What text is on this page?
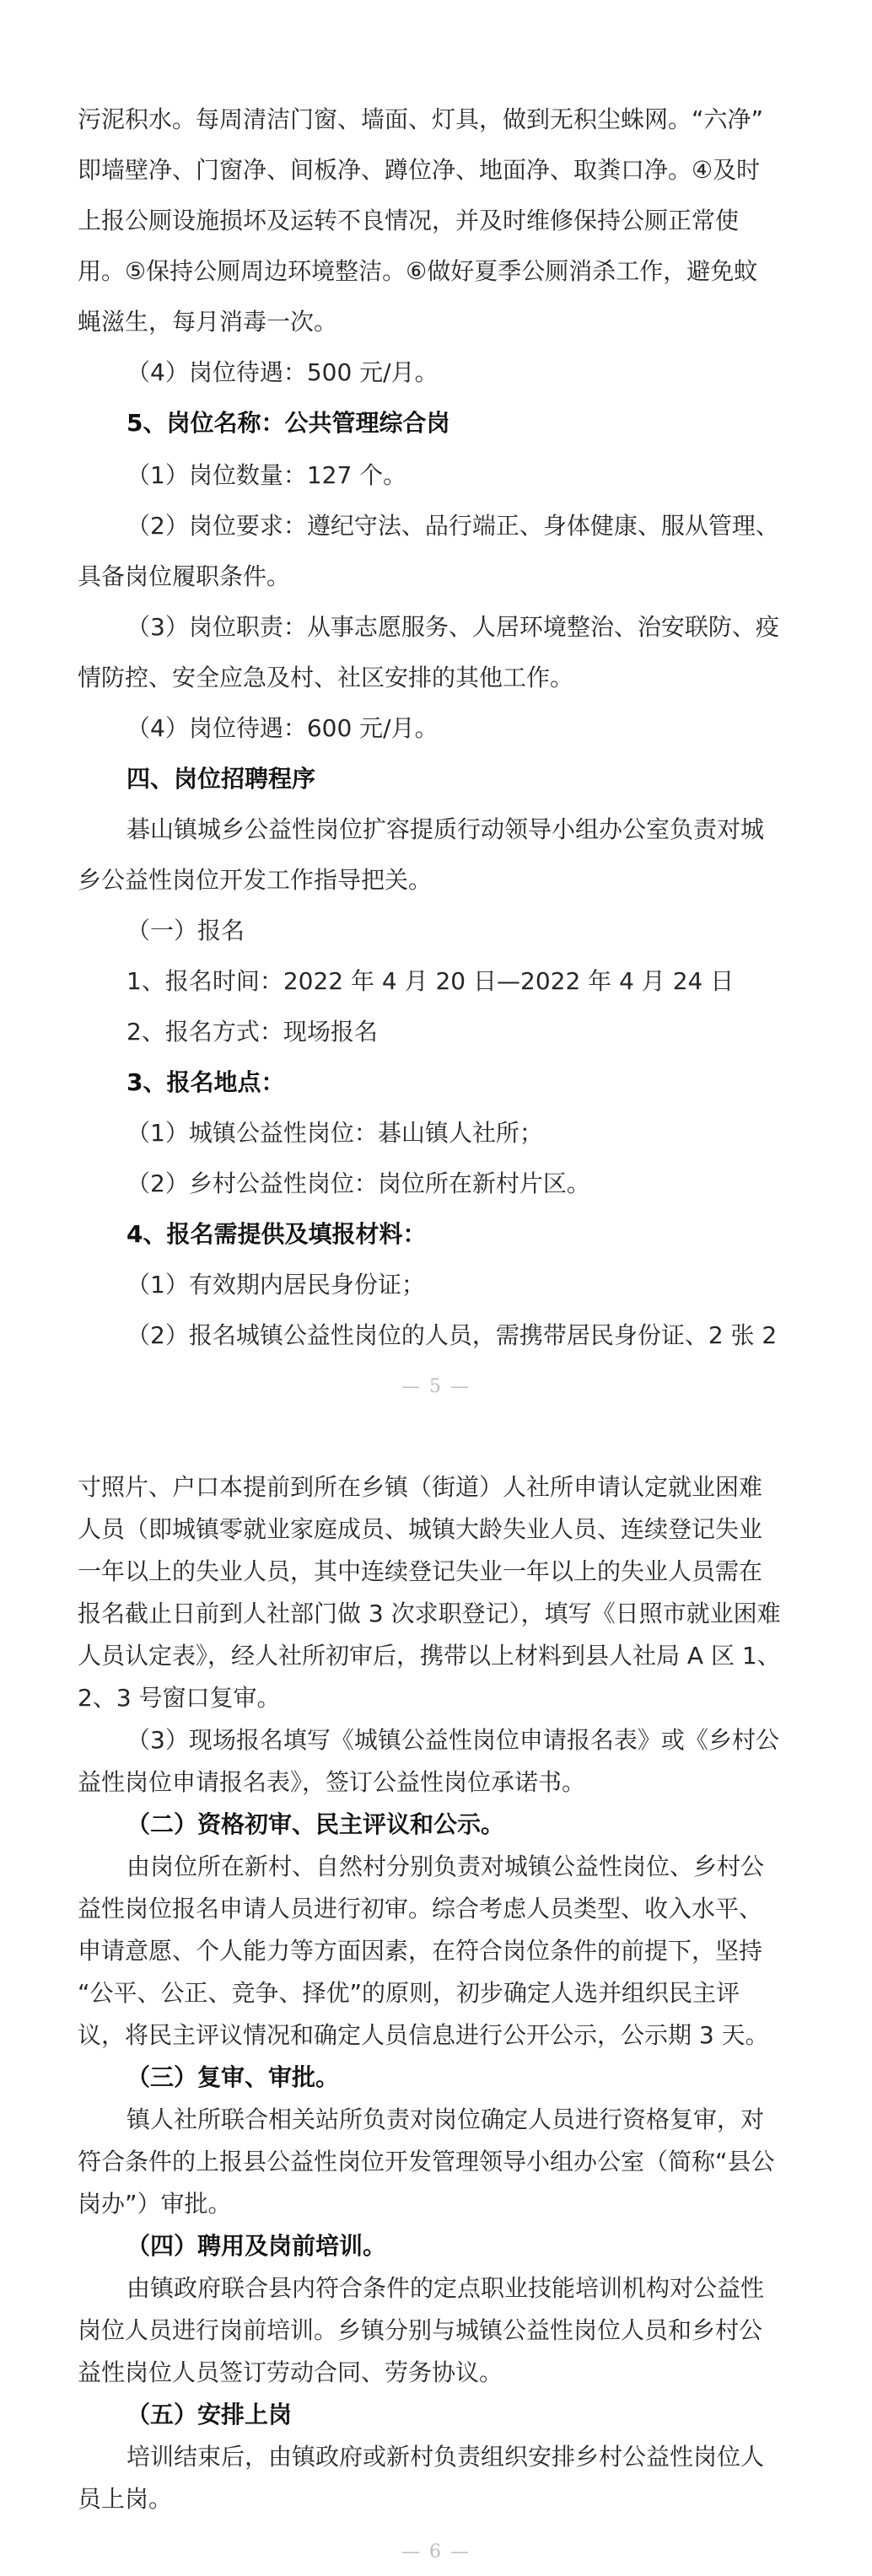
污泥积水。每周清洁门窗、墙面、灯具，做到无积尘蛛网。“六净”
即墙壁净、门窗净、间板净、蹲位净、地面净、取粪口净。④及时
上报公厕设施损坏及运转不良情况，并及时维修保持公厕正常使
用。⑤保持公厕周边环境整洁。⑥做好夏季公厕消杀工作，避免蚊
蝇滋生，每月消毒一次。
（4）岗位待遇：500 元/月。
5、岗位名称：公共管理综合岗
（1）岗位数量：127 个。
（2）岗位要求：遵纪守法、品行端正、身体健康、服从管理、
具备岗位履职条件。
（3）岗位职责：从事志愿服务、人居环境整治、治安联防、疫
情防控、安全应急及村、社区安排的其他工作。
（4）岗位待遇：600 元/月。
四、岗位招聘程序
碁山镇城乡公益性岗位扩容提质行动领导小组办公室负责对城
乡公益性岗位开发工作指导把关。
（一）报名
1、报名时间：2022 年 4 月 20 日—2022 年 4 月 24 日
2、报名方式：现场报名
3、报名地点：
（1）城镇公益性岗位：碁山镇人社所；
（2）乡村公益性岗位：岗位所在新村片区。
4、报名需提供及填报材料：
（1）有效期内居民身份证；
（2）报名城镇公益性岗位的人员，需携带居民身份证、2 张 2
— 5 —
寸照片、户口本提前到所在乡镇（街道）人社所申请认定就业困难
人员（即城镇零就业家庭成员、城镇大龄失业人员、连续登记失业
一年以上的失业人员，其中连续登记失业一年以上的失业人员需在
报名截止日前到人社部门做 3 次求职登记），填写《日照市就业困难
人员认定表》，经人社所初审后，携带以上材料到县人社局 A 区 1、
2、3 号窗口复审。
（3）现场报名填写《城镇公益性岗位申请报名表》或《乡村公
益性岗位申请报名表》，签订公益性岗位承诺书。
（二）资格初审、民主评议和公示。
由岗位所在新村、自然村分别负责对城镇公益性岗位、乡村公
益性岗位报名申请人员进行初审。综合考虑人员类型、收入水平、
申请意愿、个人能力等方面因素，在符合岗位条件的前提下，坚持
“公平、公正、竞争、择优”的原则，初步确定人选并组织民主评
议，将民主评议情况和确定人员信息进行公开公示，公示期 3 天。
（三）复审、审批。
镇人社所联合相关站所负责对岗位确定人员进行资格复审，对
符合条件的上报县公益性岗位开发管理领导小组办公室（简称“县公
岗办”）审批。
（四）聘用及岗前培训。
由镇政府联合县内符合条件的定点职业技能培训机构对公益性
岗位人员进行岗前培训。乡镇分别与城镇公益性岗位人员和乡村公
益性岗位人员签订劳动合同、劳务协议。
（五）安排上岗
培训结束后，由镇政府或新村负责组织安排乡村公益性岗位人
员上岗。
— 6 —
